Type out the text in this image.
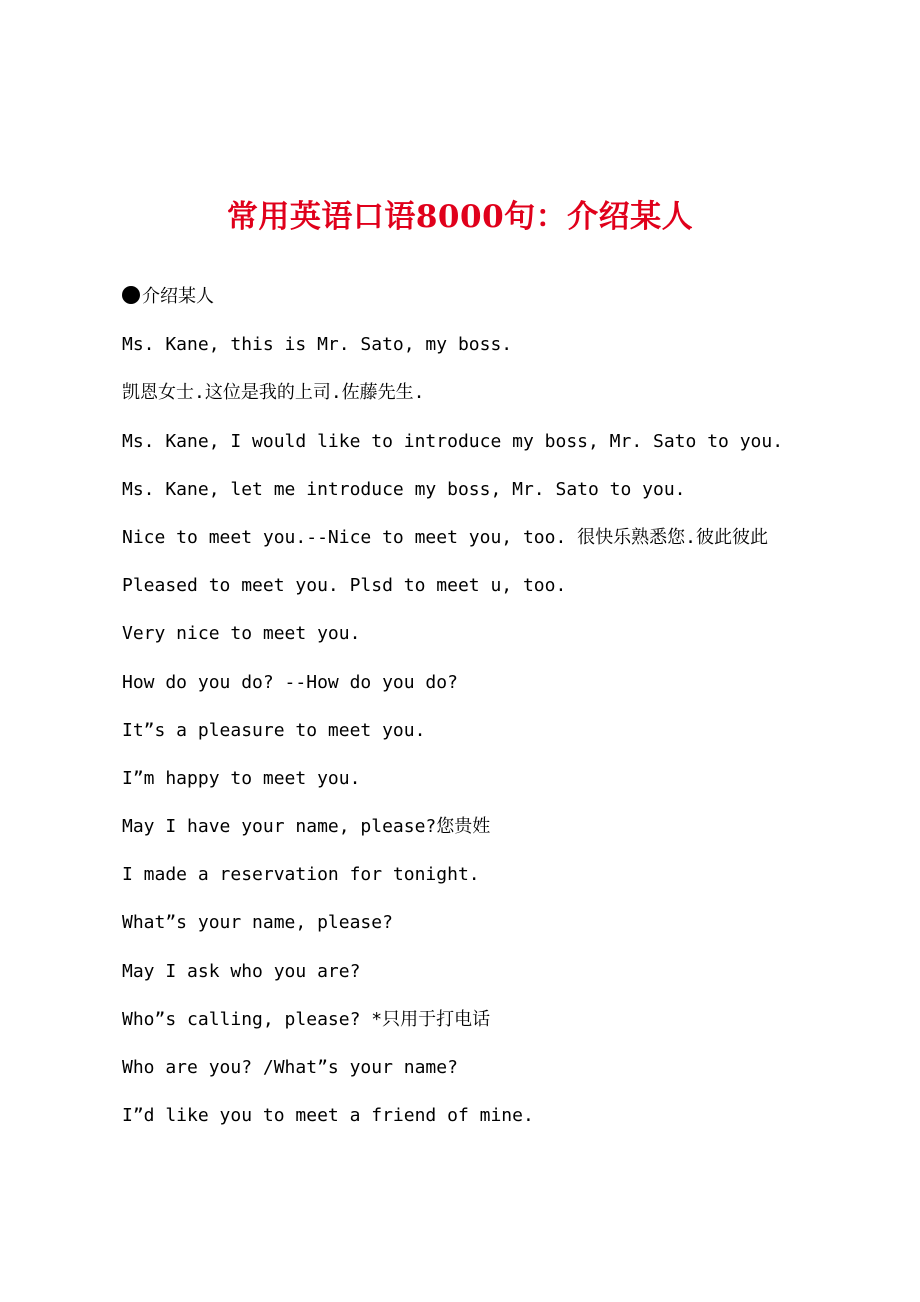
常用英语口语8000句：介绍某人
介绍某人
Ms. Kane, this is Mr. Sato, my boss.
凯恩女士.这位是我的上司.佐藤先生.
Ms. Kane, I would like to introduce my boss, Mr. Sato to you.
Ms. Kane, let me introduce my boss, Mr. Sato to you.
Nice to meet you.--Nice to meet you, too. 很快乐熟悉您.彼此彼此
Pleased to meet you. Plsd to meet u, too.
Very nice to meet you.
How do you do? --How do you do?
It”s a pleasure to meet you.
I”m happy to meet you.
May I have your name, please?您贵姓
I made a reservation for tonight.
What”s your name, please?
May I ask who you are?
Who”s calling, please? *只用于打电话
Who are you? /What”s your name?
I”d like you to meet a friend of mine.
